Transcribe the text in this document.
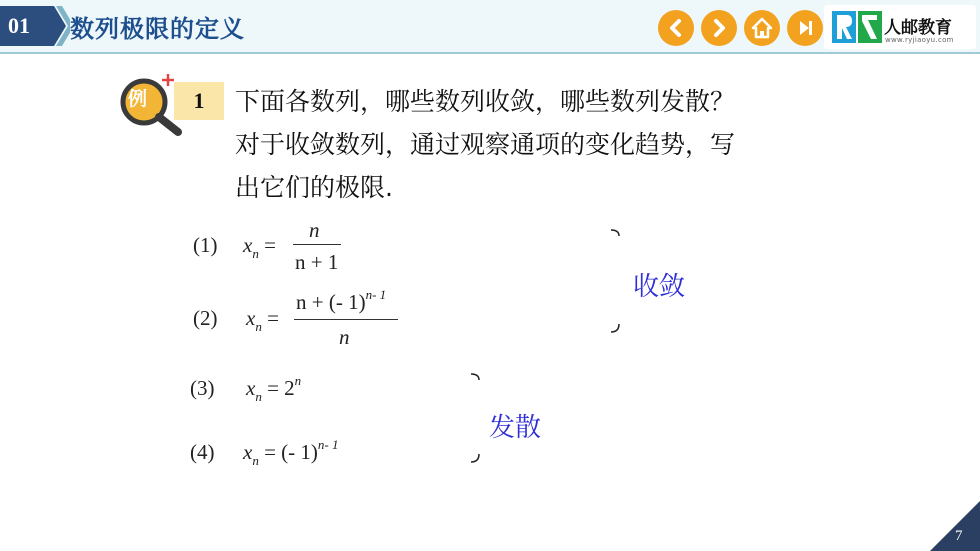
01 数列极限的定义	人邮教育
www.ryjiaoyu.com
例	1	下面各数列，哪些数列收敛，哪些数列发散？

对于收敛数列，通过观察通项的变化趋势，写

出它们的极限.

(1) $x_n$ =
n
n + 1
(2) $x_n$ =
n + (- 1)$^{n- 1}$
n
(3) $x_n = 2^n$
(4) $x_n$ = (- 1)$^{n- 1}$
收敛
发散
7
